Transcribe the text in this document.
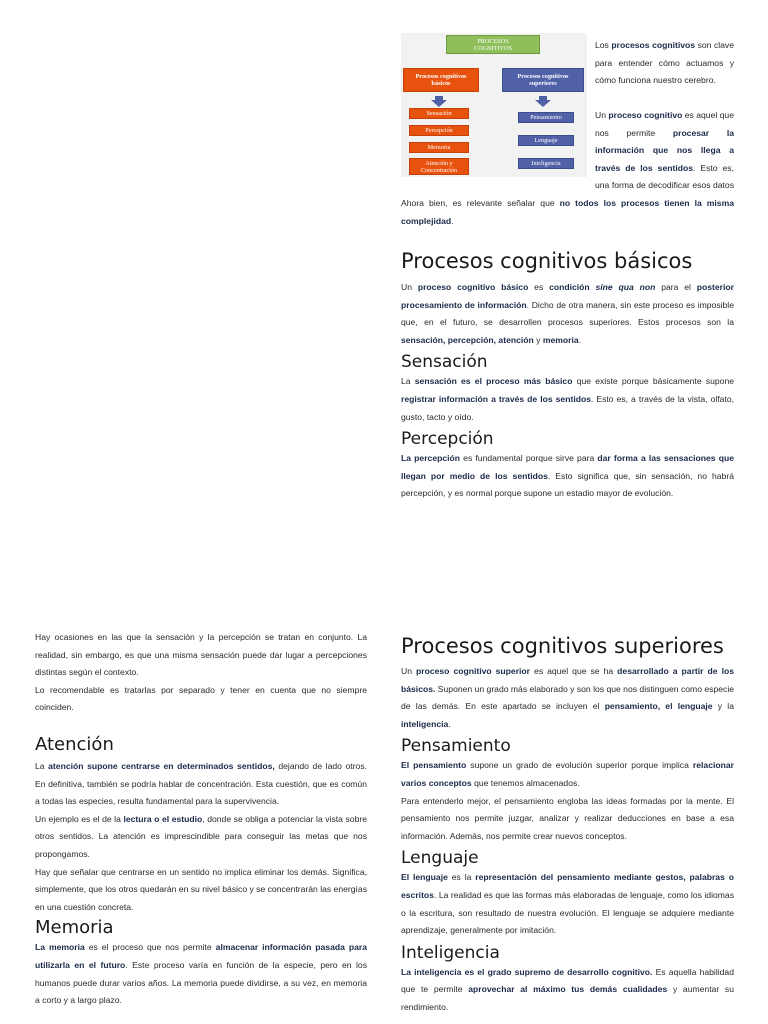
PROCESOS COGNITIVOS
Procesos cognitivos básicos
Procesos cognitivos superiores
Sensación
Percepción
Memoria
Atención y Concentración
Pensamiento
Lenguaje
Inteligencia

Los procesos cognitivos son clave para entender cómo actuamos y cómo funciona nuestro cerebro.

Un proceso cognitivo es aquel que nos permite procesar la información que nos llega a través de los sentidos. Esto es, una forma de decodificar esos datos

Ahora bien, es relevante señalar que no todos los procesos tienen la misma complejidad.

Procesos cognitivos básicos

Un proceso cognitivo básico es condición sine qua non para el posterior procesamiento de información. Dicho de otra manera, sin este proceso es imposible que, en el futuro, se desarrollen procesos superiores. Estos procesos son la sensación, percepción, atención y memoria.

Sensación

La sensación es el proceso más básico que existe porque básicamente supone registrar información a través de los sentidos. Esto es, a través de la vista, olfato, gusto, tacto y oído.

Percepción

La percepción es fundamental porque sirve para dar forma a las sensaciones que llegan por medio de los sentidos. Esto significa que, sin sensación, no habrá percepción, y es normal porque supone un estadio mayor de evolución.

Hay ocasiones en las que la sensación y la percepción se tratan en conjunto. La realidad, sin embargo, es que una misma sensación puede dar lugar a percepciones distintas según el contexto.

Lo recomendable es tratarlas por separado y tener en cuenta que no siempre coinciden.

Atención

La atención supone centrarse en determinados sentidos, dejando de lado otros. En definitiva, también se podría hablar de concentración. Esta cuestión, que es común a todas las especies, resulta fundamental para la supervivencia.

Un ejemplo es el de la lectura o el estudio, donde se obliga a potenciar la vista sobre otros sentidos. La atención es imprescindible para conseguir las metas que nos propongamos.

Hay que señalar que centrarse en un sentido no implica eliminar los demás. Significa, simplemente, que los otros quedarán en su nivel básico y se concentrarán las energías en una cuestión concreta.

Memoria

La memoria es el proceso que nos permite almacenar información pasada para utilizarla en el futuro. Este proceso varía en función de la especie, pero en los humanos puede durar varios años. La memoria puede dividirse, a su vez, en memoria a corto y a largo plazo.

Procesos cognitivos superiores

Un proceso cognitivo superior es aquel que se ha desarrollado a partir de los básicos. Suponen un grado más elaborado y son los que nos distinguen como especie de las demás. En este apartado se incluyen el pensamiento, el lenguaje y la inteligencia.

Pensamiento

El pensamiento supone un grado de evolución superior porque implica relacionar varios conceptos que tenemos almacenados.

Para entenderlo mejor, el pensamiento engloba las ideas formadas por la mente. El pensamiento nos permite juzgar, analizar y realizar deducciones en base a esa información. Además, nos permite crear nuevos conceptos.

Lenguaje

El lenguaje es la representación del pensamiento mediante gestos, palabras o escritos. La realidad es que las formas más elaboradas de lenguaje, como los idiomas o la escritura, son resultado de nuestra evolución. El lenguaje se adquiere mediante aprendizaje, generalmente por imitación.

Inteligencia

La inteligencia es el grado supremo de desarrollo cognitivo. Es aquella habilidad que te permite aprovechar al máximo tus demás cualidades y aumentar su rendimiento.
